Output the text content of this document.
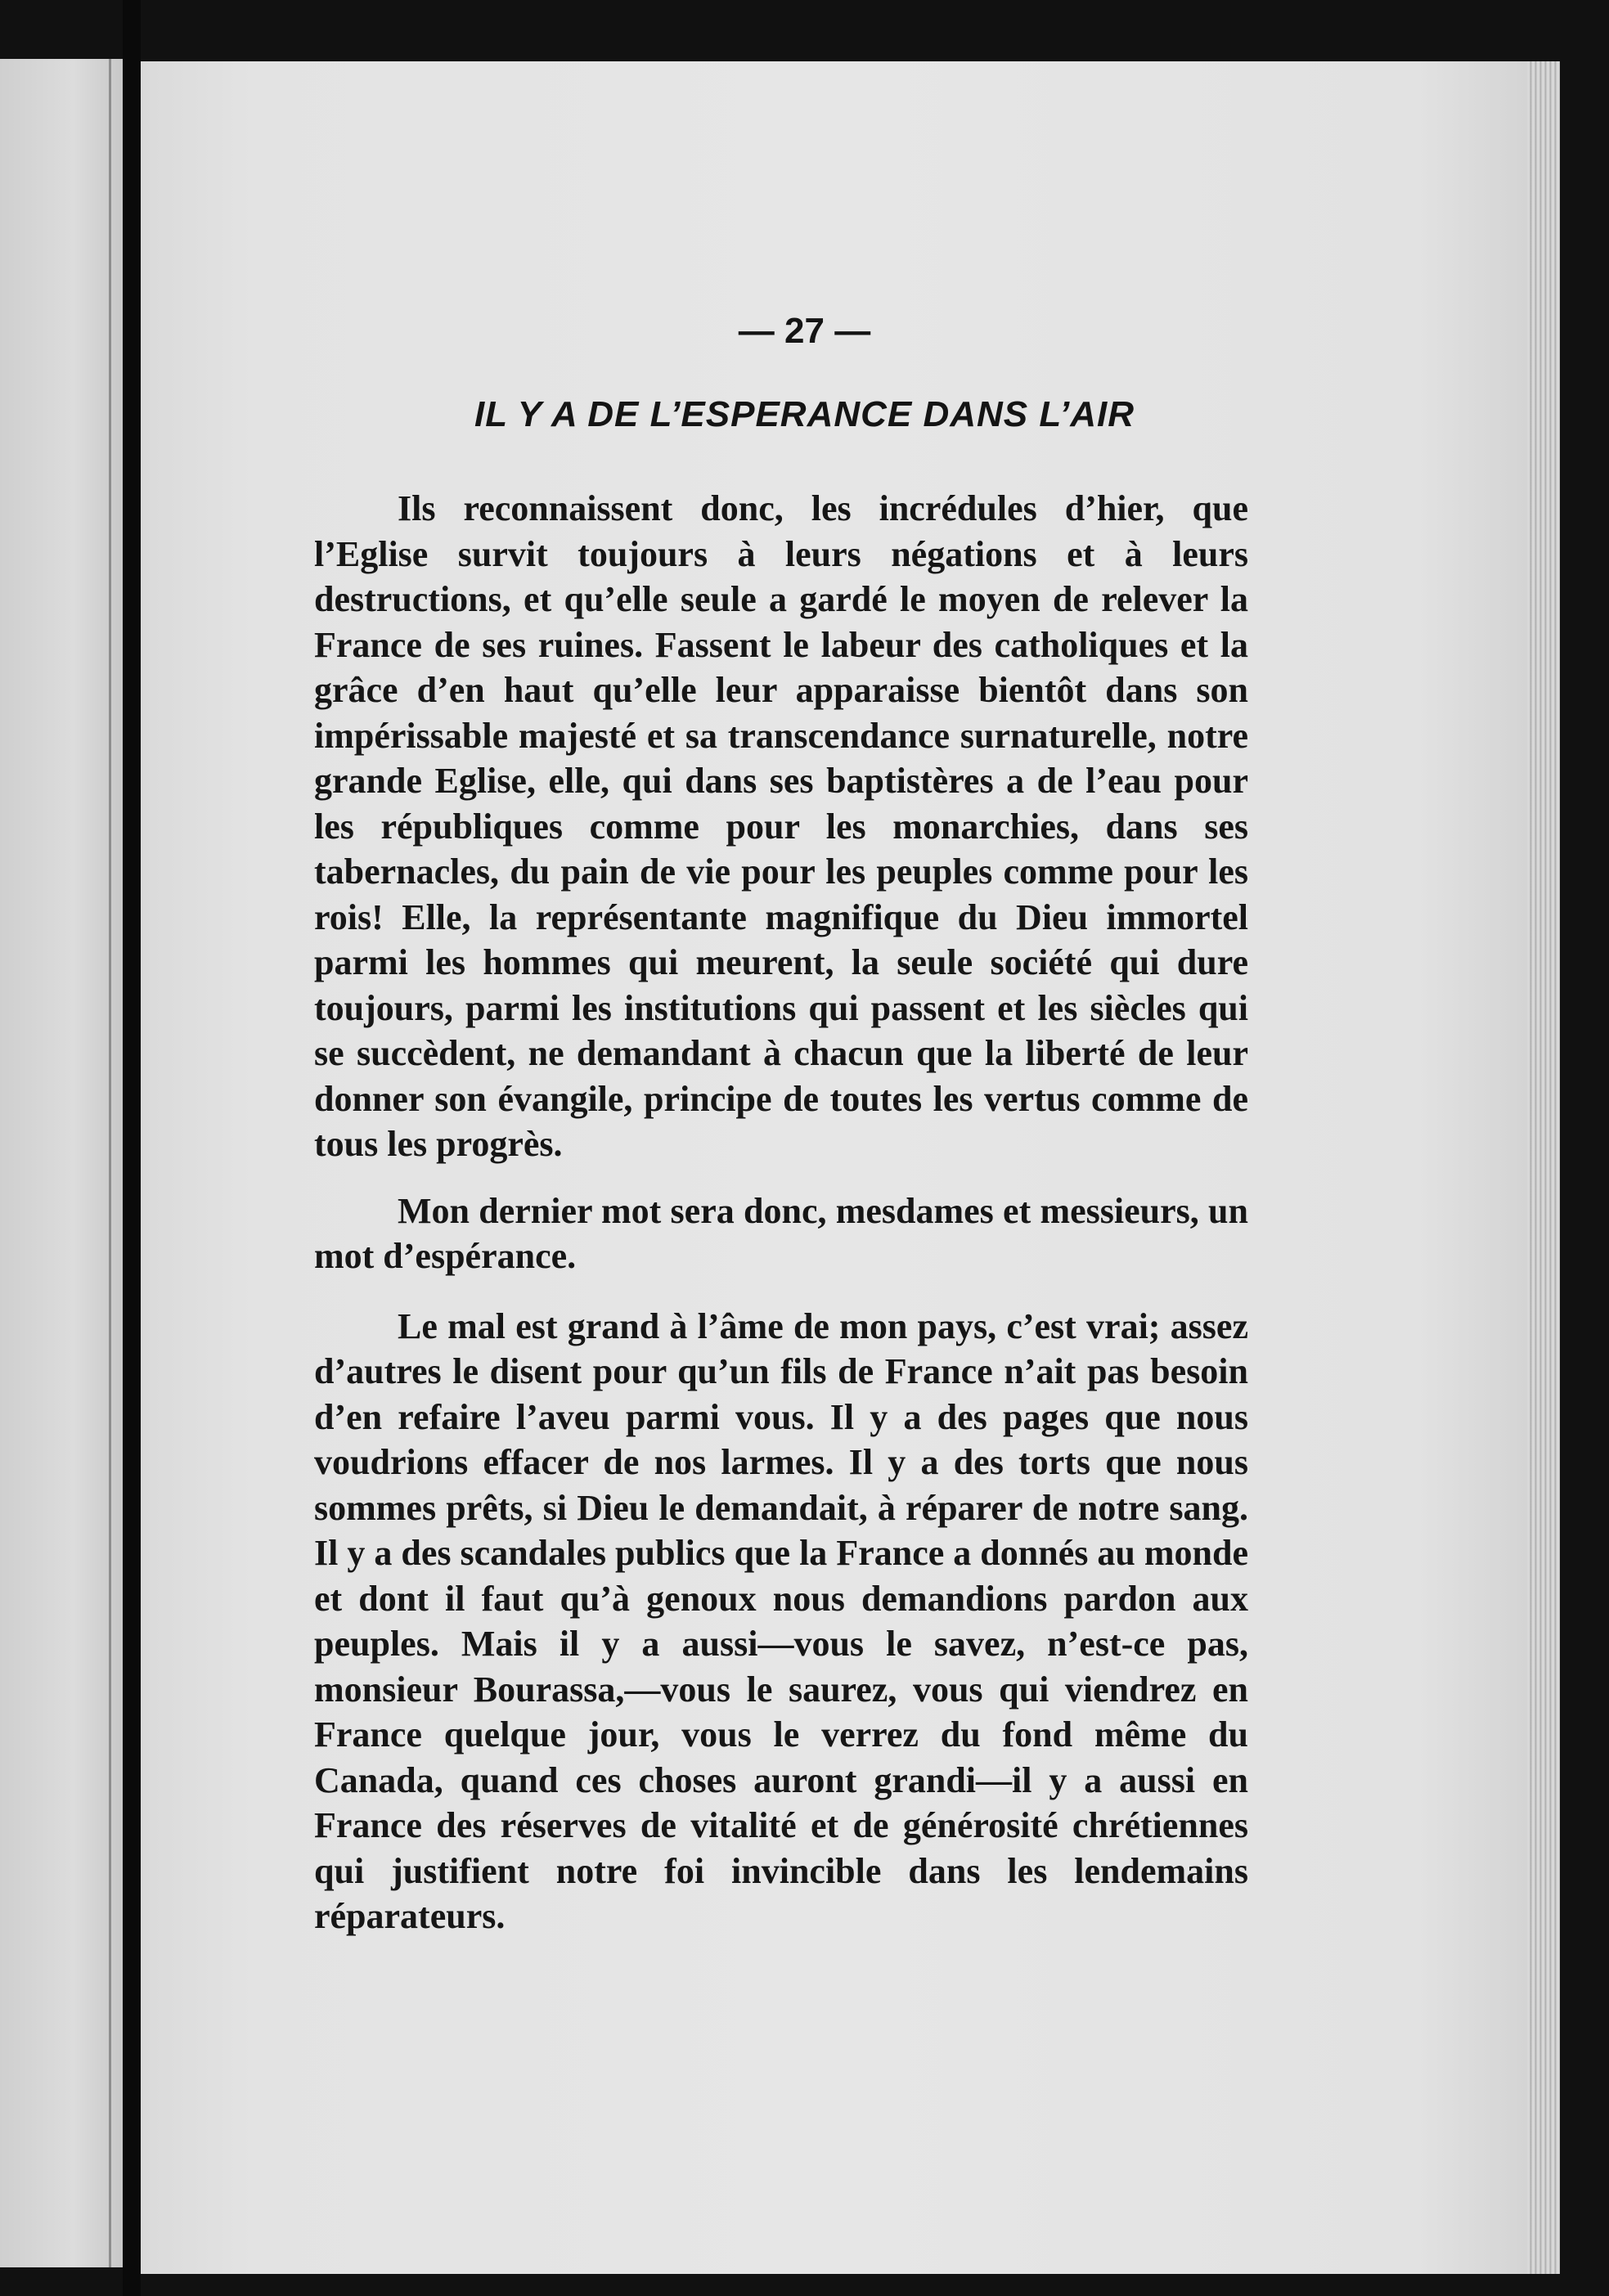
— 27 —
IL Y A DE L’ESPERANCE DANS L’AIR

Ils reconnaissent donc, les incrédules d’hier, que l’Eglise survit toujours à leurs négations et à leurs destructions, et qu’elle seule a gardé le moyen de relever la France de ses ruines. Fassent le labeur des catholiques et la grâce d’en haut qu’elle leur apparaisse bientôt dans son impérissable majesté et sa transcendance surnaturelle, notre grande Eglise, elle, qui dans ses baptistères a de l’eau pour les républiques comme pour les monarchies, dans ses tabernacles, du pain de vie pour les peuples comme pour les rois! Elle, la représentante magnifique du Dieu immortel parmi les hommes qui meurent, la seule société qui dure toujours, parmi les institutions qui passent et les siècles qui se succèdent, ne demandant à chacun que la liberté de leur donner son évangile, principe de toutes les vertus comme de tous les progrès.

Mon dernier mot sera donc, mesdames et messieurs, un mot d’espérance.

Le mal est grand à l’âme de mon pays, c’est vrai; assez d’autres le disent pour qu’un fils de France n’ait pas besoin d’en refaire l’aveu parmi vous. Il y a des pages que nous voudrions effacer de nos larmes. Il y a des torts que nous sommes prêts, si Dieu le demandait, à réparer de notre sang. Il y a des scandales publics que la France a donnés au monde et dont il faut qu’à genoux nous demandions pardon aux peuples. Mais il y a aussi—vous le savez, n’est-ce pas, monsieur Bourassa,—vous le saurez, vous qui viendrez en France quelque jour, vous le verrez du fond même du Canada, quand ces choses auront grandi—il y a aussi en France des réserves de vitalité et de générosité chrétiennes qui justifient notre foi invincible dans les lendemains réparateurs.
